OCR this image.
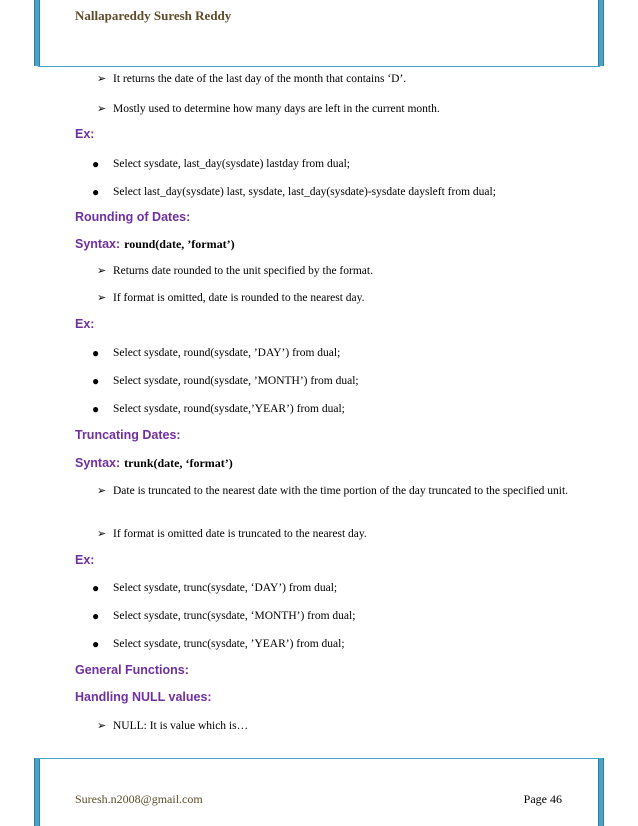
Nallapareddy Suresh Reddy
➢ It returns the date of the last day of the month that contains ‘D’.
➢ Mostly used to determine how many days are left in the current month.
Ex:
● Select sysdate, last_day(sysdate) lastday from dual;
● Select last_day(sysdate) last, sysdate, last_day(sysdate)-sysdate daysleft from dual;
Rounding of Dates:
Syntax: round(date, ’format’)
➢ Returns date rounded to the unit specified by the format.
➢ If format is omitted, date is rounded to the nearest day.
Ex:
● Select sysdate, round(sysdate, ’DAY’) from dual;
● Select sysdate, round(sysdate, ’MONTH’) from dual;
● Select sysdate, round(sysdate,’YEAR’) from dual;
Truncating Dates:
Syntax: trunk(date, ‘format’)
➢ Date is truncated to the nearest date with the time portion of the day truncated to the specified unit.
➢ If format is omitted date is truncated to the nearest day.
Ex:
● Select sysdate, trunc(sysdate, ‘DAY’) from dual;
● Select sysdate, trunc(sysdate, ‘MONTH’) from dual;
● Select sysdate, trunc(sysdate, ’YEAR’) from dual;
General Functions:
Handling NULL values:
➢ NULL: It is value which is…
Suresh.n2008@gmail.com	Page 46
